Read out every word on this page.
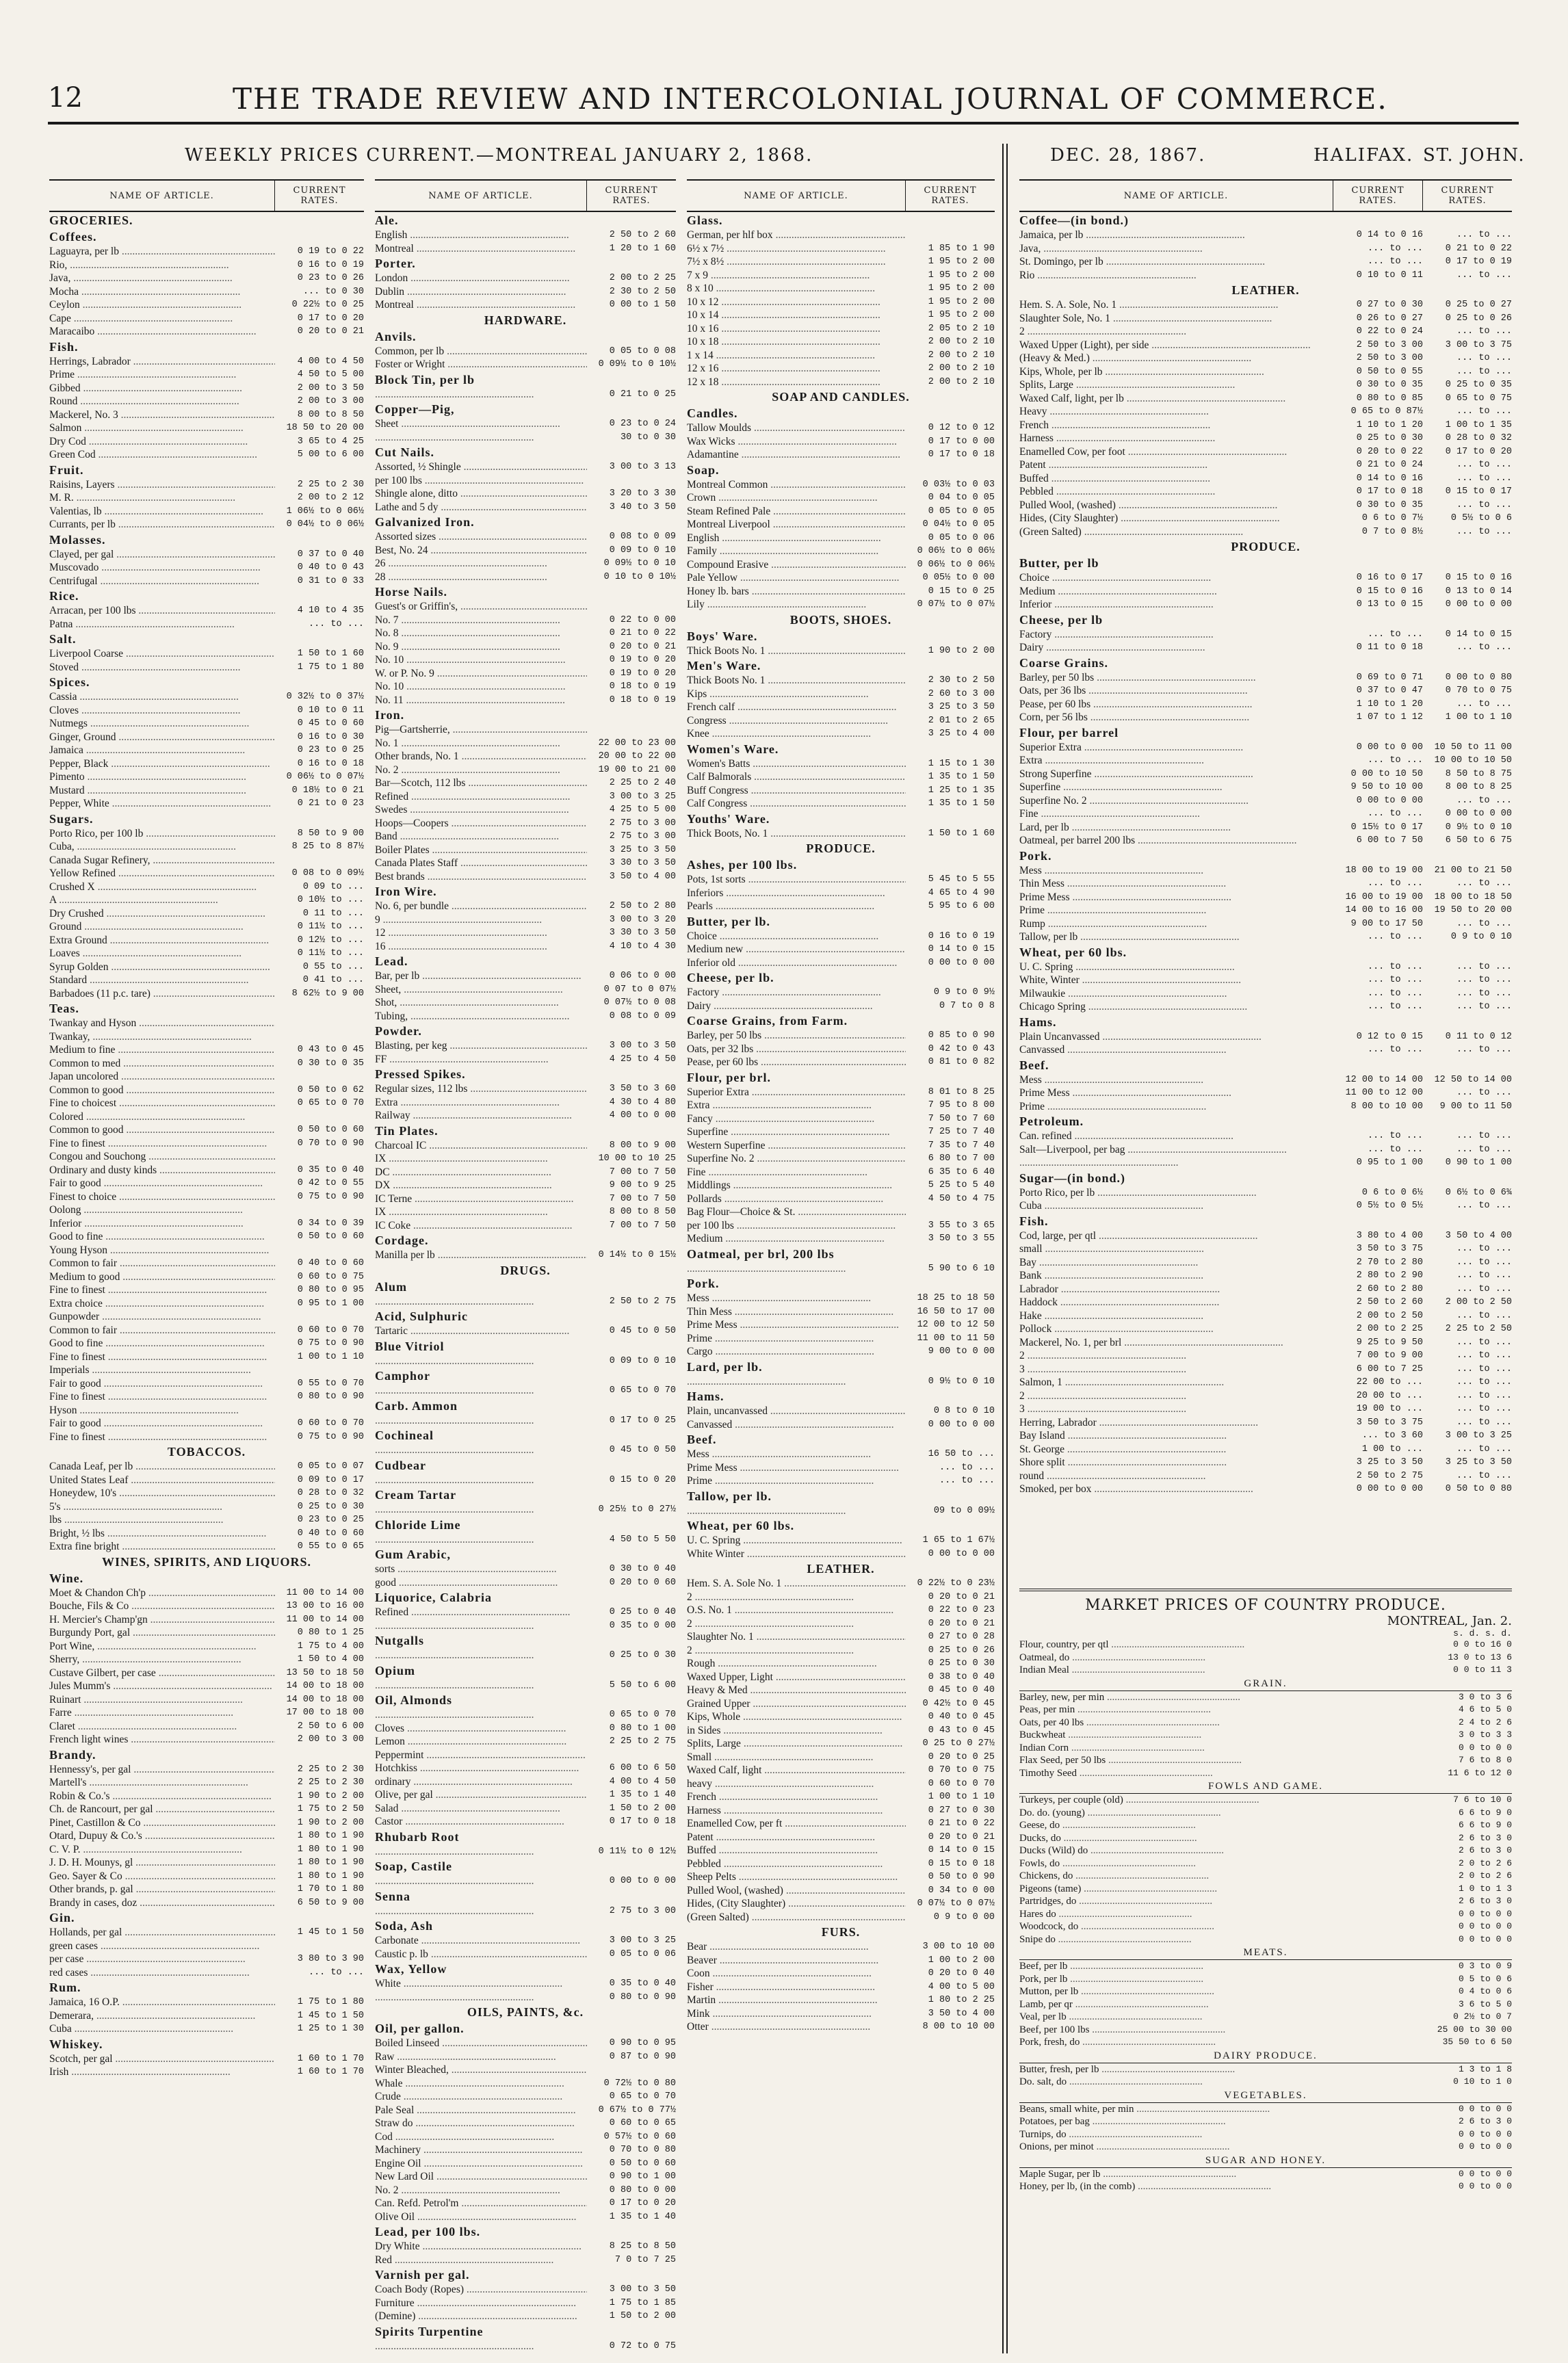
12	THE TRADE REVIEW AND INTERCOLONIAL JOURNAL OF COMMERCE.
WEEKLY PRICES CURRENT.—MONTREAL JANUARY 2, 1868.	DEC. 28, 1867.	HALIFAX. ST. JOHN.
NAME OF ARTICLE.	CURRENT RATES.
GROCERIES.
Coffees.
Laguayra, per lb .....	0 19 to 0 22
Rio, .....	0 16 to 0 19
Java, .....	0 23 to 0 26
Mocha .....	... to 0 30
Ceylon .....	0 22½ to 0 25
Cape .....	0 17 to 0 20
Maracaibo .....	0 20 to 0 21
Fish.
Herrings, Labrador .....	4 00 to 4 50
Prime .....	4 50 to 5 00
Gibbed .....	2 00 to 3 50
Round .....	2 00 to 3 00
Mackerel, No. 3 .....	8 00 to 8 50
Salmon .....	18 50 to 20 00
Dry Cod .....	3 65 to 4 25
Green Cod .....	5 00 to 6 00
Fruit.
Raisins, Layers .....	2 25 to 2 30
M. R. .....	2 00 to 2 12
Valentias, lb .....	1 06½ to 0 06½
Currants, per lb .....	0 04½ to 0 06½
Molasses.
Clayed, per gal .....	0 37 to 0 40
Muscovado .....	0 40 to 0 43
Centrifugal .....	0 31 to 0 33
Rice.
Arracan, per 100 lbs .....	4 10 to 4 35
Patna .....	... to ...
Salt.
Liverpool Coarse .....	1 50 to 1 60
Stoved .....	1 75 to 1 80
Spices.
Cassia .....	0 32½ to 0 37½
Cloves .....	0 10 to 0 11
Nutmegs .....	0 45 to 0 60
Ginger, Ground .....	0 16 to 0 30
Jamaica .....	0 23 to 0 25
Pepper, Black .....	0 16 to 0 18
Pimento .....	0 06½ to 0 07½
Mustard .....	0 18½ to 0 21
Pepper, White .....	0 21 to 0 23
Sugars.
Porto Rico, per 100 lb .....	8 50 to 9 00
Cuba, .....	8 25 to 8 87½
Canada Sugar Refinery, .....
Yellow Refined .....	0 08 to 0 09½
Crushed X .....	0 09 to ...
A .....	0 10½ to ...
Dry Crushed .....	0 11 to ...
Ground .....	0 11½ to ...
Extra Ground .....	0 12½ to ...
Loaves .....	0 11½ to ...
Syrup Golden .....	0 55 to ...
Standard .....	0 41 to ...
Barbadoes (11 p.c. tare) .....	8 62½ to 9 00
Teas.
Twankay and Hyson .....
Twankay, .....
Medium to fine .....	0 43 to 0 45
Common to med .....	0 30 to 0 35
Japan uncolored .....
Common to good .....	0 50 to 0 62
Fine to choicest .....	0 65 to 0 70
Colored .....
Common to good .....	0 50 to 0 60
Fine to finest .....	0 70 to 0 90
Congou and Souchong .....
Ordinary and dusty kinds .....	0 35 to 0 40
Fair to good .....	0 42 to 0 55
Finest to choice .....	0 75 to 0 90
Oolong .....
Inferior .....	0 34 to 0 39
Good to fine .....	0 50 to 0 60
Young Hyson .....
Common to fair .....	0 40 to 0 60
Medium to good .....	0 60 to 0 75
Fine to finest .....	0 80 to 0 95
Extra choice .....	0 95 to 1 00
Gunpowder .....
Common to fair .....	0 60 to 0 70
Good to fine .....	0 75 to 0 90
Fine to finest .....	1 00 to 1 10
Imperials .....
Fair to good .....	0 55 to 0 70
Fine to finest .....	0 80 to 0 90
Hyson .....
Fair to good .....	0 60 to 0 70
Fine to finest .....	0 75 to 0 90
TOBACCOS.
Canada Leaf, per lb .....	0 05 to 0 07
United States Leaf .....	0 09 to 0 17
Honeydew, 10's .....	0 28 to 0 32
5's .....	0 25 to 0 30
lbs .....	0 23 to 0 25
Bright, ½ lbs .....	0 40 to 0 60
Extra fine bright .....	0 55 to 0 65
WINES, SPIRITS, AND LIQUORS.
Wine.
Moet & Chandon Ch'p .....	11 00 to 14 00
Bouche, Fils & Co .....	13 00 to 16 00
H. Mercier's Champ'gn .....	11 00 to 14 00
Burgundy Port, gal .....	0 80 to 1 25
Port Wine, .....	1 75 to 4 00
Sherry, .....	1 50 to 4 00
Custave Gilbert, per case .....	13 50 to 18 50
Jules Mumm's .....	14 00 to 18 00
Ruinart .....	14 00 to 18 00
Farre .....	17 00 to 18 00
Claret .....	2 50 to 6 00
French light wines .....	2 00 to 3 00
Brandy.
Hennessy's, per gal .....	2 25 to 2 30
Martell's .....	2 25 to 2 30
Robin & Co.'s .....	1 90 to 2 00
Ch. de Rancourt, per gal .....	1 75 to 2 50
Pinet, Castillon & Co .....	1 90 to 2 00
Otard, Dupuy & Co.'s .....	1 80 to 1 90
C. V. P. .....	1 80 to 1 90
J. D. H. Mounys, gl .....	1 80 to 1 90
Geo. Sayer & Co .....	1 80 to 1 90
Other brands, p. gal .....	1 70 to 1 80
Brandy in cases, doz .....	6 50 to 9 00
Gin.
Hollands, per gal .....	1 45 to 1 50
green cases .....
per case .....	3 80 to 3 90
red cases .....	... to ...
Rum.
Jamaica, 16 O.P. .....	1 75 to 1 80
Demerara, .....	1 45 to 1 50
Cuba .....	1 25 to 1 30
Whiskey.
Scotch, per gal .....	1 60 to 1 70
Irish .....	1 60 to 1 70
NAME OF ARTICLE.	CURRENT RATES.
Ale.
English .....	2 50 to 2 60
Montreal .....	1 20 to 1 60
Porter.
London .....	2 00 to 2 25
Dublin .....	2 30 to 2 50
Montreal .....	0 00 to 1 50
HARDWARE.
Anvils.
Common, per lb .....	0 05 to 0 08
Foster or Wright .....	0 09½ to 0 10½
Block Tin, per lb
.....
0 21 to 0 25
Copper—Pig,
Sheet .....	0 23 to 0 24
.....
30 to 0 30
Cut Nails.
Assorted, ½ Shingle .....	3 00 to 3 13
per 100 lbs .....
Shingle alone, ditto .....	3 20 to 3 30
Lathe and 5 dy .....	3 40 to 3 50
Galvanized Iron.
Assorted sizes .....	0 08 to 0 09
Best, No. 24 .....	0 09 to 0 10
26 .....	0 09½ to 0 10
28 .....	0 10 to 0 10½
Horse Nails.
Guest's or Griffin's, .....
No. 7 .....	0 22 to 0 00
No. 8 .....	0 21 to 0 22
No. 9 .....	0 20 to 0 21
No. 10 .....	0 19 to 0 20
W. or P. No. 9 .....	0 19 to 0 20
No. 10 .....	0 18 to 0 19
No. 11 .....	0 18 to 0 19
Iron.
Pig—Gartsherrie, .....
No. 1 .....	22 00 to 23 00
Other brands, No. 1 .....	20 00 to 22 00
No. 2 .....	19 00 to 21 00
Bar—Scotch, 112 lbs .....	2 25 to 2 40
Refined .....	3 00 to 3 25
Swedes .....	4 25 to 5 00
Hoops—Coopers .....	2 75 to 3 00
Band .....	2 75 to 3 00
Boiler Plates .....	3 25 to 3 50
Canada Plates Staff .....	3 30 to 3 50
Best brands .....	3 50 to 4 00
Iron Wire.
No. 6, per bundle .....	2 50 to 2 80
9 .....	3 00 to 3 20
12 .....	3 30 to 3 50
16 .....	4 10 to 4 30
Lead.
Bar, per lb .....	0 06 to 0 00
Sheet, .....	0 07 to 0 07½
Shot, .....	0 07½ to 0 08
Tubing, .....	0 08 to 0 09
Powder.
Blasting, per keg .....	3 00 to 3 50
FF .....	4 25 to 4 50
Pressed Spikes.
Regular sizes, 112 lbs .....	3 50 to 3 60
Extra .....	4 30 to 4 80
Railway .....	4 00 to 0 00
Tin Plates.
Charcoal IC .....	8 00 to 9 00
IX .....	10 00 to 10 25
DC .....	7 00 to 7 50
DX .....	9 00 to 9 25
IC Terne .....	7 00 to 7 50
IX .....	8 00 to 8 50
IC Coke .....	7 00 to 7 50
Cordage.
Manilla per lb .....	0 14½ to 0 15½
DRUGS.
Alum
.....
2 50 to 2 75
Acid, Sulphuric
Tartaric .....	0 45 to 0 50
Blue Vitriol
.....
0 09 to 0 10
Camphor
.....
0 65 to 0 70
Carb. Ammon
.....
0 17 to 0 25
Cochineal
.....
0 45 to 0 50
Cudbear
.....
0 15 to 0 20
Cream Tartar
.....
0 25½ to 0 27½
Chloride Lime
.....
4 50 to 5 50
Gum Arabic,
sorts .....	0 30 to 0 40
good .....	0 20 to 0 60
Liquorice, Calabria
Refined .....	0 25 to 0 40
.....
0 35 to 0 00
Nutgalls
.....
0 25 to 0 30
Opium
.....
5 50 to 6 00
Oil, Almonds
.....
0 65 to 0 70
Cloves .....	0 80 to 1 00
Lemon .....	2 25 to 2 75
Peppermint .....
Hotchkiss .....	6 00 to 6 50
ordinary .....	4 00 to 4 50
Olive, per gal .....	1 35 to 1 40
Salad .....	1 50 to 2 00
Castor .....	0 17 to 0 18
Rhubarb Root
.....
0 11½ to 0 12½
Soap, Castile
.....
0 00 to 0 00
Senna
.....
2 75 to 3 00
Soda, Ash
Carbonate .....	3 00 to 3 25
Caustic p. lb .....	0 05 to 0 06
Wax, Yellow
White .....	0 35 to 0 40
.....
0 80 to 0 90
OILS, PAINTS, &c.
Oil, per gallon.
Boiled Linseed .....	0 90 to 0 95
Raw .....	0 87 to 0 90
Winter Bleached, .....
Whale .....	0 72½ to 0 80
Crude .....	0 65 to 0 70
Pale Seal .....	0 67½ to 0 77½
Straw do .....	0 60 to 0 65
Cod .....	0 57½ to 0 60
Machinery .....	0 70 to 0 80
Engine Oil .....	0 50 to 0 60
New Lard Oil .....	0 90 to 1 00
No. 2 .....	0 80 to 0 00
Can. Refd. Petrol'm .....	0 17 to 0 20
Olive Oil .....	1 35 to 1 40
Lead, per 100 lbs.
Dry White .....	8 25 to 8 50
Red .....	7 0 to 7 25
Varnish per gal.
Coach Body (Ropes) .....	3 00 to 3 50
Furniture .....	1 75 to 1 85
(Demine) .....	1 50 to 2 00
Spirits Turpentine
.....
0 72 to 0 75
NAME OF ARTICLE.	CURRENT RATES.
Glass.
German, per hlf box .....
6½ x 7½ .....	1 85 to 1 90
7½ x 8½ .....	1 95 to 2 00
7 x 9 .....	1 95 to 2 00
8 x 10 .....	1 95 to 2 00
10 x 12 .....	1 95 to 2 00
10 x 14 .....	1 95 to 2 00
10 x 16 .....	2 05 to 2 10
10 x 18 .....	2 00 to 2 10
1 x 14 .....	2 00 to 2 10
12 x 16 .....	2 00 to 2 10
12 x 18 .....	2 00 to 2 10
SOAP AND CANDLES.
Candles.
Tallow Moulds .....	0 12 to 0 12
Wax Wicks .....	0 17 to 0 00
Adamantine .....	0 17 to 0 18
Soap.
Montreal Common .....	0 03½ to 0 03
Crown .....	0 04 to 0 05
Steam Refined Pale .....	0 05 to 0 05
Montreal Liverpool .....	0 04½ to 0 05
English .....	0 05 to 0 06
Family .....	0 06½ to 0 06½
Compound Erasive .....	0 06½ to 0 06½
Pale Yellow .....	0 05½ to 0 00
Honey lb. bars .....	0 15 to 0 25
Lily .....	0 07½ to 0 07½
BOOTS, SHOES.
Boys' Ware.
Thick Boots No. 1 .....	1 90 to 2 00
Men's Ware.
Thick Boots No. 1 .....	2 30 to 2 50
Kips .....	2 60 to 3 00
French calf .....	3 25 to 3 50
Congress .....	2 01 to 2 65
Knee .....	3 25 to 4 00
Women's Ware.
Women's Batts .....	1 15 to 1 30
Calf Balmorals .....	1 35 to 1 50
Buff Congress .....	1 25 to 1 35
Calf Congress .....	1 35 to 1 50
Youths' Ware.
Thick Boots, No. 1 .....	1 50 to 1 60
PRODUCE.
Ashes, per 100 lbs.
Pots, 1st sorts .....	5 45 to 5 55
Inferiors .....	4 65 to 4 90
Pearls .....	5 95 to 6 00
Butter, per lb.
Choice .....	0 16 to 0 19
Medium new .....	0 14 to 0 15
Inferior old .....	0 00 to 0 00
Cheese, per lb.
Factory .....	0 9 to 0 9½
Dairy .....	0 7 to 0 8
Coarse Grains, from Farm.
Barley, per 50 lbs .....	0 85 to 0 90
Oats, per 32 lbs .....	0 42 to 0 43
Pease, per 60 lbs .....	0 81 to 0 82
Flour, per brl.
Superior Extra .....	8 01 to 8 25
Extra .....	7 95 to 8 00
Fancy .....	7 50 to 7 60
Superfine .....	7 25 to 7 40
Western Superfine .....	7 35 to 7 40
Superfine No. 2 .....	6 80 to 7 00
Fine .....	6 35 to 6 40
Middlings .....	5 25 to 5 40
Pollards .....	4 50 to 4 75
Bag Flour—Choice & St. .....
per 100 lbs .....	3 55 to 3 65
Medium .....	3 50 to 3 55
Oatmeal, per brl, 200 lbs
.....
5 90 to 6 10
Pork.
Mess .....	18 25 to 18 50
Thin Mess .....	16 50 to 17 00
Prime Mess .....	12 00 to 12 50
Prime .....	11 00 to 11 50
Cargo .....	9 00 to 0 00
Lard, per lb.
.....
0 9½ to 0 10
Hams.
Plain, uncanvassed .....	0 8 to 0 10
Canvassed .....	0 00 to 0 00
Beef.
Mess .....	16 50 to ...
Prime Mess .....	... to ...
Prime .....	... to ...
Tallow, per lb.
.....
09 to 0 09½
Wheat, per 60 lbs.
U. C. Spring .....	1 65 to 1 67½
White Winter .....	0 00 to 0 00
LEATHER.
Hem. S. A. Sole No. 1 .....	0 22½ to 0 23½
2 .....	0 20 to 0 21
O.S. No. 1 .....	0 22 to 0 23
2 .....	0 20 to 0 21
Slaughter No. 1 .....	0 27 to 0 28
2 .....	0 25 to 0 26
Rough .....	0 25 to 0 30
Waxed Upper, Light .....	0 38 to 0 40
Heavy & Med .....	0 45 to 0 40
Grained Upper .....	0 42½ to 0 45
Kips, Whole .....	0 40 to 0 45
in Sides .....	0 43 to 0 45
Splits, Large .....	0 25 to 0 27½
Small .....	0 20 to 0 25
Waxed Calf, light .....	0 70 to 0 75
heavy .....	0 60 to 0 70
French .....	1 00 to 1 10
Harness .....	0 27 to 0 30
Enamelled Cow, per ft .....	0 21 to 0 22
Patent .....	0 20 to 0 21
Buffed .....	0 14 to 0 15
Pebbled .....	0 15 to 0 18
Sheep Pelts .....	0 50 to 0 90
Pulled Wool, (washed) .....	0 34 to 0 00
Hides, (City Slaughter) .....	0 07½ to 0 07½
(Green Salted) .....	0 9 to 0 00
FURS.
Bear .....	3 00 to 10 00
Beaver .....	1 00 to 2 00
Coon .....	0 20 to 0 40
Fisher .....	4 00 to 5 00
Martin .....	1 80 to 2 25
Mink .....	3 50 to 4 00
Otter .....	8 00 to 10 00
NAME OF ARTICLE.	CURRENT RATES.
CURRENT RATES.
Coffee—(in bond.)
Jamaica, per lb .....	0 14 to 0 16	... to ...
Java, .....	... to ...	0 21 to 0 22
St. Domingo, per lb .....	... to ...	0 17 to 0 19
Rio .....	0 10 to 0 11	... to ...
LEATHER.
Hem. S. A. Sole, No. 1 .....	0 27 to 0 30	0 25 to 0 27
Slaughter Sole, No. 1 .....	0 26 to 0 27	0 25 to 0 26
2 .....	0 22 to 0 24	... to ...
Waxed Upper (Light), per side .....	2 50 to 3 00	3 00 to 3 75
(Heavy & Med.) .....	2 50 to 3 00	... to ...
Kips, Whole, per lb .....	0 50 to 0 55	... to ...
Splits, Large .....	0 30 to 0 35	0 25 to 0 35
Waxed Calf, light, per lb .....	0 80 to 0 85	0 65 to 0 75
Heavy .....	0 65 to 0 87½	... to ...
French .....	1 10 to 1 20	1 00 to 1 35
Harness .....	0 25 to 0 30	0 28 to 0 32
Enamelled Cow, per foot .....	0 20 to 0 22	0 17 to 0 20
Patent .....	0 21 to 0 24	... to ...
Buffed .....	0 14 to 0 16	... to ...
Pebbled .....	0 17 to 0 18	0 15 to 0 17
Pulled Wool, (washed) .....	0 30 to 0 35	... to ...
Hides, (City Slaughter) .....	0 6 to 0 7½	0 5½ to 0 6
(Green Salted) .....	0 7 to 0 8½	... to ...
PRODUCE.
Butter, per lb
Choice .....	0 16 to 0 17	0 15 to 0 16
Medium .....	0 15 to 0 16	0 13 to 0 14
Inferior .....	0 13 to 0 15	0 00 to 0 00
Cheese, per lb
Factory .....	... to ...	0 14 to 0 15
Dairy .....	0 11 to 0 18	... to ...
Coarse Grains.
Barley, per 50 lbs .....	0 69 to 0 71	0 00 to 0 80
Oats, per 36 lbs .....	0 37 to 0 47	0 70 to 0 75
Pease, per 60 lbs .....	1 10 to 1 20	... to ...
Corn, per 56 lbs .....	1 07 to 1 12	1 00 to 1 10
Flour, per barrel
Superior Extra .....	0 00 to 0 00	10 50 to 11 00
Extra .....	... to ...	10 00 to 10 50
Strong Superfine .....	0 00 to 10 50	8 50 to 8 75
Superfine .....	9 50 to 10 00	8 00 to 8 25
Superfine No. 2 .....	0 00 to 0 00	... to ...
Fine .....	... to ...	0 00 to 0 00
Lard, per lb .....	0 15½ to 0 17	0 9½ to 0 10
Oatmeal, per barrel 200 lbs .....	6 00 to 7 50	6 50 to 6 75
Pork.
Mess .....	18 00 to 19 00	21 00 to 21 50
Thin Mess .....	... to ...	... to ...
Prime Mess .....	16 00 to 19 00	18 00 to 18 50
Prime .....	14 00 to 16 00	19 50 to 20 00
Rump .....	9 00 to 17 50	... to ...
Tallow, per lb .....	... to ...	0 9 to 0 10
Wheat, per 60 lbs.
U. C. Spring .....	... to ...	... to ...
White, Winter .....	... to ...	... to ...
Milwaukie .....	... to ...	... to ...
Chicago Spring .....	... to ...	... to ...
Hams.
Plain Uncanvassed .....	0 12 to 0 15	0 11 to 0 12
Canvassed .....	... to ...	... to ...
Beef.
Mess .....	12 00 to 14 00	12 50 to 14 00
Prime Mess .....	11 00 to 12 00	... to ...
Prime .....	8 00 to 10 00	9 00 to 11 50
Petroleum.
Can. refined .....	... to ...	... to ...
Salt—Liverpool, per bag .....	... to ...	... to ...
.....
0 95 to 1 00	0 90 to 1 00
Sugar—(in bond.)
Porto Rico, per lb .....	0 6 to 0 6½	0 6½ to 0 6¾
Cuba .....	0 5½ to 0 5½	... to ...
Fish.
Cod, large, per qtl .....	3 80 to 4 00	3 50 to 4 00
small .....	3 50 to 3 75	... to ...
Bay .....	2 70 to 2 80	... to ...
Bank .....	2 80 to 2 90	... to ...
Labrador .....	2 60 to 2 80	... to ...
Haddock .....	2 50 to 2 60	2 00 to 2 50
Hake .....	2 00 to 2 50	... to ...
Pollock .....	2 00 to 2 25	2 25 to 2 50
Mackerel, No. 1, per brl .....	9 25 to 9 50	... to ...
2 .....	7 00 to 9 00	... to ...
3 .....	6 00 to 7 25	... to ...
Salmon, 1 .....	22 00 to ...	... to ...
2 .....	20 00 to ...	... to ...
3 .....	19 00 to ...	... to ...
Herring, Labrador .....	3 50 to 3 75	... to ...
Bay Island .....	... to 3 60	3 00 to 3 25
St. George .....	1 00 to ...	... to ...
Shore split .....	3 25 to 3 50	3 25 to 3 50
round .....	2 50 to 2 75	... to ...
Smoked, per box .....	0 00 to 0 00	0 50 to 0 80
MARKET PRICES OF COUNTRY PRODUCE.
MONTREAL, Jan. 2.
s. d. s. d.
Flour, country, per qtl .....	0 0 to 16 0
Oatmeal, do .....	13 0 to 13 6
Indian Meal .....	0 0 to 11 3
GRAIN.
Barley, new, per min .....	3 0 to 3 6
Peas, per min .....	4 6 to 5 0
Oats, per 40 lbs .....	2 4 to 2 6
Buckwheat .....	3 0 to 3 3
Indian Corn .....	0 0 to 0 0
Flax Seed, per 50 lbs .....	7 6 to 8 0
Timothy Seed .....	11 6 to 12 0
FOWLS AND GAME.
Turkeys, per couple (old) .....	7 6 to 10 0
Do. do. (young) .....	6 6 to 9 0
Geese, do .....	6 6 to 9 0
Ducks, do .....	2 6 to 3 0
Ducks (Wild) do .....	2 6 to 3 0
Fowls, do .....	2 0 to 2 6
Chickens, do .....	2 0 to 2 6
Pigeons (tame) .....	1 0 to 1 3
Partridges, do .....	2 6 to 3 0
Hares do .....	0 0 to 0 0
Woodcock, do .....	0 0 to 0 0
Snipe do .....	0 0 to 0 0
MEATS.
Beef, per lb .....	0 3 to 0 9
Pork, per lb .....	0 5 to 0 6
Mutton, per lb .....	0 4 to 0 6
Lamb, per qr .....	3 6 to 5 0
Veal, per lb .....	0 2½ to 0 7
Beef, per 100 lbs .....	25 00 to 30 00
Pork, fresh, do .....	35 50 to 6 50
DAIRY PRODUCE.
Butter, fresh, per lb .....	1 3 to 1 8
Do. salt, do .....	0 10 to 1 0
VEGETABLES.
Beans, small white, per min .....	0 0 to 0 0
Potatoes, per bag .....	2 6 to 3 0
Turnips, do .....	0 0 to 0 0
Onions, per minot .....	0 0 to 0 0
SUGAR AND HONEY.
Maple Sugar, per lb .....	0 0 to 0 0
Honey, per lb, (in the comb) .....	0 0 to 0 0
